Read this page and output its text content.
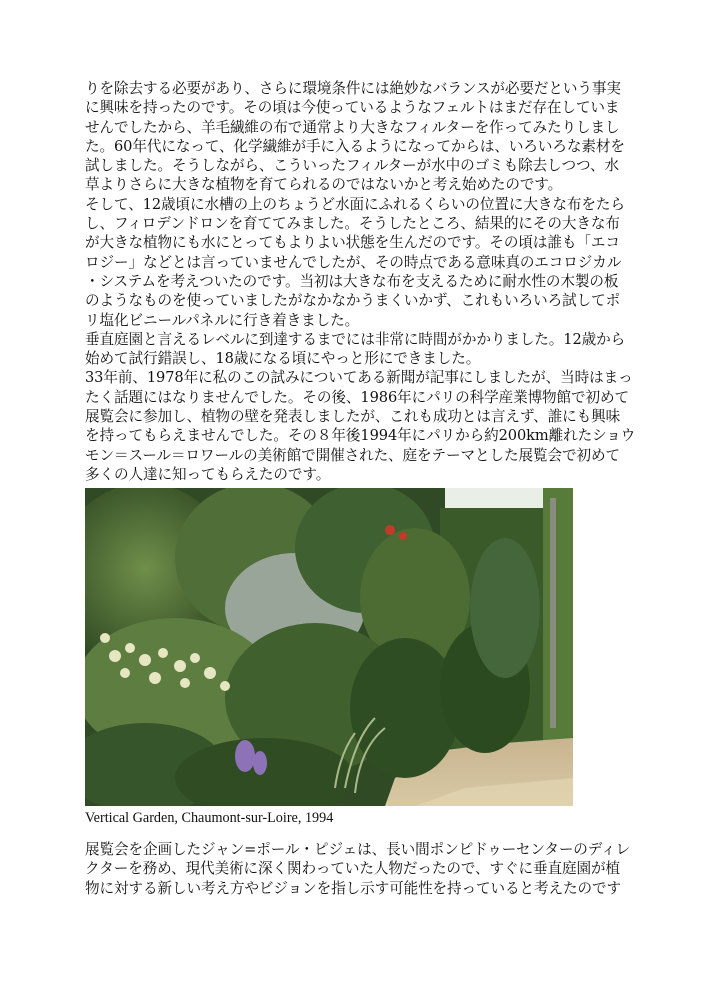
りを除去する必要があり、さらに環境条件には絶妙なバランスが必要だという事実
に興味を持ったのです。その頃は今使っているようなフェルトはまだ存在していま
せんでしたから、羊毛繊維の布で通常より大きなフィルターを作ってみたりしまし
た。60年代になって、化学繊維が手に入るようになってからは、いろいろな素材を
試しました。そうしながら、こういったフィルターが水中のゴミも除去しつつ、水
草よりさらに大きな植物を育てられるのではないかと考え始めたのです。
そして、12歳頃に水槽の上のちょうど水面にふれるくらいの位置に大きな布をたら
し、フィロデンドロンを育ててみました。そうしたところ、結果的にその大きな布
が大きな植物にも水にとってもよりよい状態を生んだのです。その頃は誰も「エコ
ロジー」などとは言っていませんでしたが、その時点である意味真のエコロジカル
・システムを考えついたのです。当初は大きな布を支えるために耐水性の木製の板
のようなものを使っていましたがなかなかうまくいかず、これもいろいろ試してポ
リ塩化ビニールパネルに行き着きました。
垂直庭園と言えるレベルに到達するまでには非常に時間がかかりました。12歳から
始めて試行錯誤し、18歳になる頃にやっと形にできました。
33年前、1978年に私のこの試みについてある新聞が記事にしましたが、当時はまっ
たく話題にはなりませんでした。その後、1986年にパリの科学産業博物館で初めて
展覧会に参加し、植物の壁を発表しましたが、これも成功とは言えず、誰にも興味
を持ってもらえませんでした。その８年後1994年にパリから約200km離れたショウ
モン＝スール＝ロワールの美術館で開催された、庭をテーマとした展覧会で初めて
多くの人達に知ってもらえたのです。
Vertical Garden, Chaumont-sur-Loire, 1994
展覧会を企画したジャン=ポール・ピジェは、長い間ポンピドゥーセンターのディレ
クターを務め、現代美術に深く関わっていた人物だったので、すぐに垂直庭園が植
物に対する新しい考え方やビジョンを指し示す可能性を持っていると考えたのです
